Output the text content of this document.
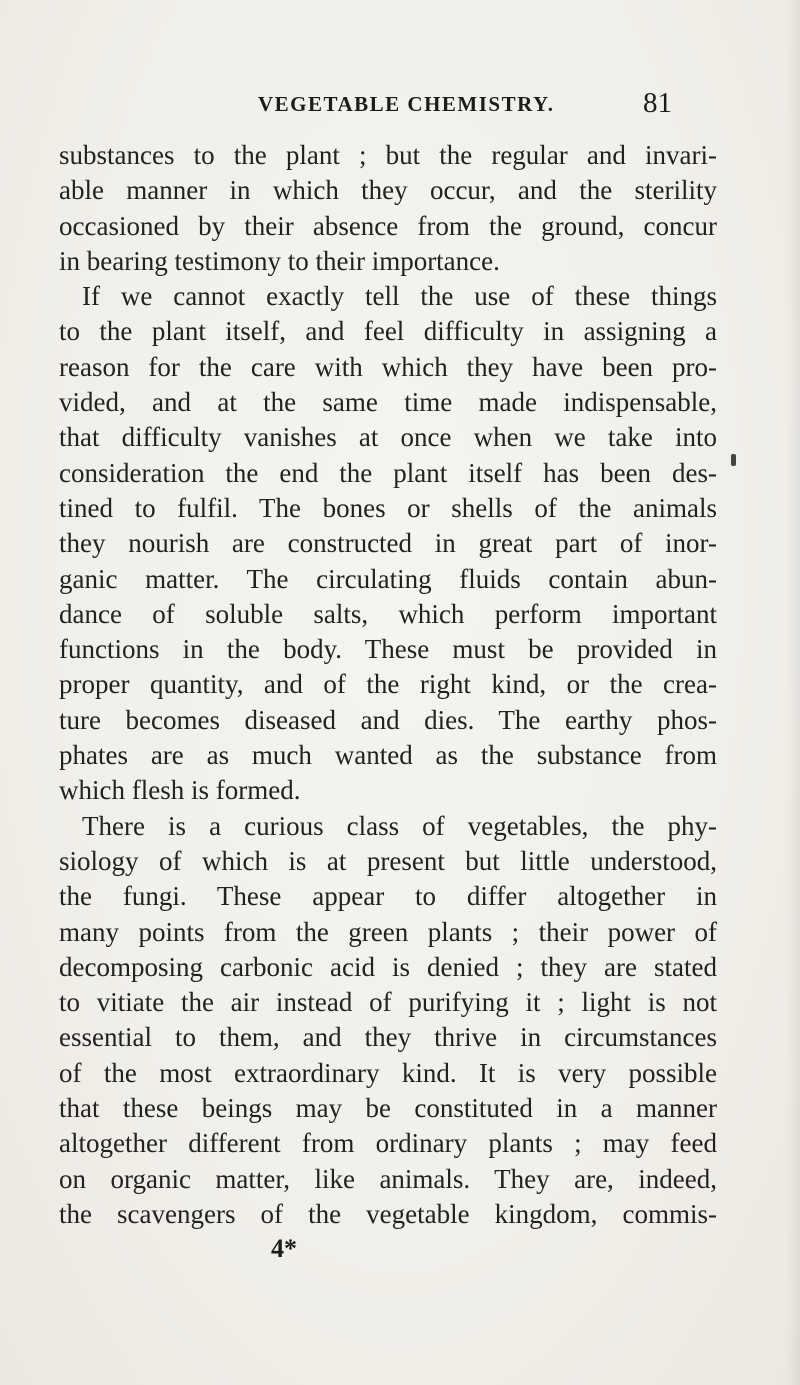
VEGETABLE CHEMISTRY.	81
substances to the plant ; but the regular and invari-
able manner in which they occur, and the sterility
occasioned by their absence from the ground, concur
in bearing testimony to their importance.
If we cannot exactly tell the use of these things
to the plant itself, and feel difficulty in assigning a
reason for the care with which they have been pro-
vided, and at the same time made indispensable,
that difficulty vanishes at once when we take into
consideration the end the plant itself has been des-
tined to fulfil. The bones or shells of the animals
they nourish are constructed in great part of inor-
ganic matter. The circulating fluids contain abun-
dance of soluble salts, which perform important
functions in the body. These must be provided in
proper quantity, and of the right kind, or the crea-
ture becomes diseased and dies. The earthy phos-
phates are as much wanted as the substance from
which flesh is formed.
There is a curious class of vegetables, the phy-
siology of which is at present but little understood,
the fungi. These appear to differ altogether in
many points from the green plants ; their power of
decomposing carbonic acid is denied ; they are stated
to vitiate the air instead of purifying it ; light is not
essential to them, and they thrive in circumstances
of the most extraordinary kind. It is very possible
that these beings may be constituted in a manner
altogether different from ordinary plants ; may feed
on organic matter, like animals. They are, indeed,
the scavengers of the vegetable kingdom, commis-
4*
